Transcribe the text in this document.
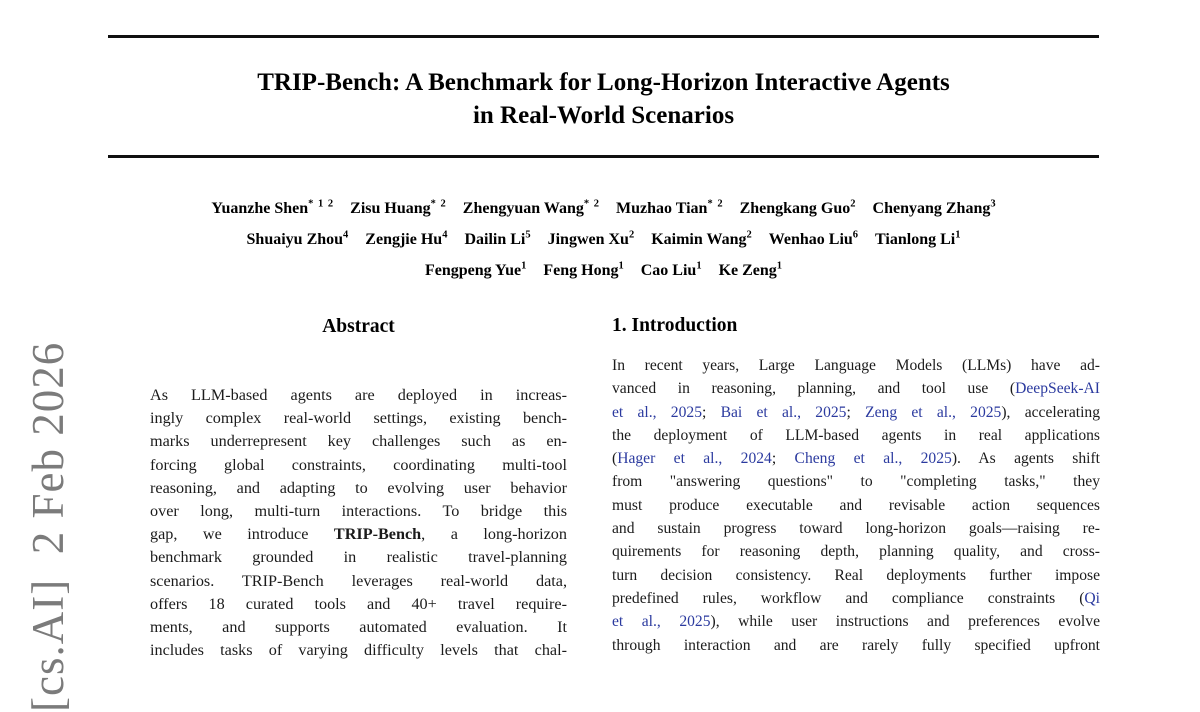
[cs.AI]  2 Feb 2026
TRIP-Bench: A Benchmark for Long-Horizon Interactive Agents
in Real-World Scenarios
Yuanzhe Shen$^{* 1 2}$ Zisu Huang$^{* 2}$ Zhengyuan Wang$^{* 2}$ Muzhao Tian$^{* 2}$ Zhengkang Guo$^2$ Chenyang Zhang$^3$
Shuaiyu Zhou$^4$ Zengjie Hu$^4$ Dailin Li$^5$ Jingwen Xu$^2$ Kaimin Wang$^2$ Wenhao Liu$^6$ Tianlong Li$^1$
Fengpeng Yue$^1$ Feng Hong$^1$ Cao Liu$^1$ Ke Zeng$^1$
Abstract
As LLM-based agents are deployed in increas-
ingly complex real-world settings, existing bench-
marks underrepresent key challenges such as en-
forcing global constraints, coordinating multi-tool
reasoning, and adapting to evolving user behavior
over long, multi-turn interactions. To bridge this
gap, we introduce TRIP-Bench, a long-horizon
benchmark grounded in realistic travel-planning
scenarios. TRIP-Bench leverages real-world data,
offers 18 curated tools and 40+ travel require-
ments, and supports automated evaluation. It
includes tasks of varying difficulty levels that chal-
1. Introduction
In recent years, Large Language Models (LLMs) have ad-
vanced in reasoning, planning, and tool use (DeepSeek-AI
et al., 2025; Bai et al., 2025; Zeng et al., 2025), accelerating
the deployment of LLM-based agents in real applications
(Hager et al., 2024; Cheng et al., 2025). As agents shift
from "answering questions" to "completing tasks," they
must produce executable and revisable action sequences
and sustain progress toward long-horizon goals—raising re-
quirements for reasoning depth, planning quality, and cross-
turn decision consistency. Real deployments further impose
predefined rules, workflow and compliance constraints (Qi
et al., 2025), while user instructions and preferences evolve
through interaction and are rarely fully specified upfront
